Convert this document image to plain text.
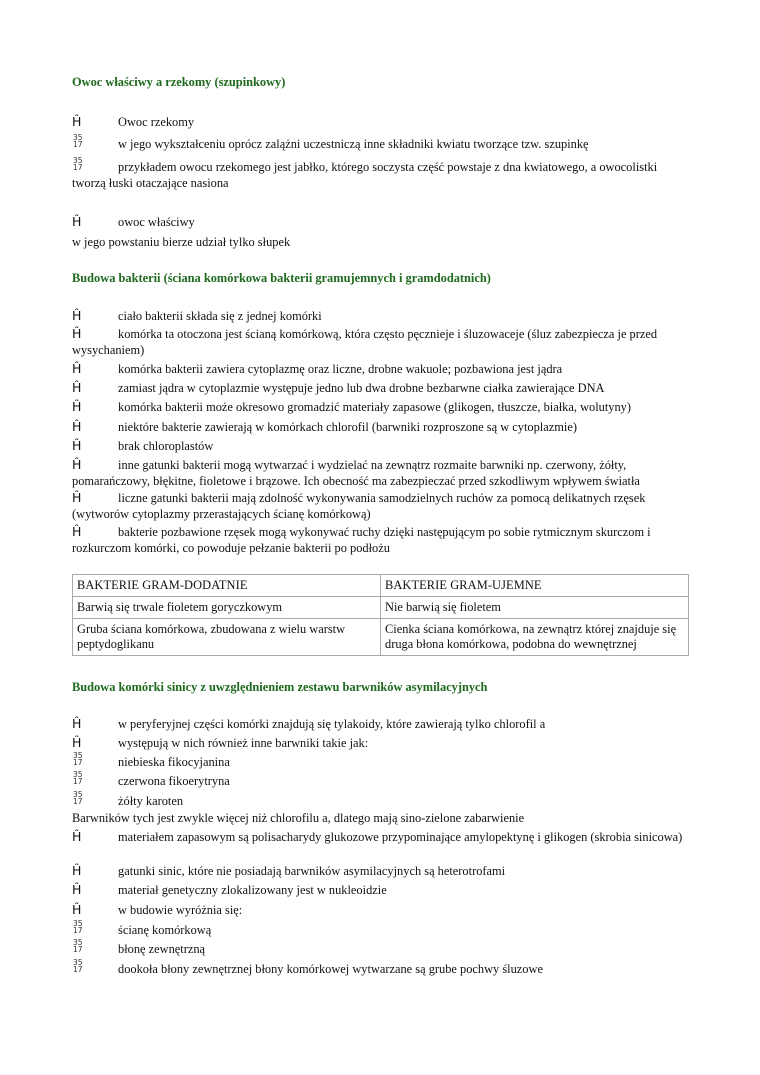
Owoc właściwy a rzekomy (szupinkowy)
Ĥ	Owoc rzekomy
35
17	w jego wykształceniu oprócz zalążni uczestniczą inne składniki kwiatu tworzące tzw. szupinkę
35
17	przykładem owocu rzekomego jest jabłko, którego soczysta część powstaje z dna kwiatowego, a owocolistki tworzą łuski otaczające nasiona
Ĥ	owoc właściwy
w jego powstaniu bierze udział tylko słupek
Budowa bakterii (ściana komórkowa bakterii gramujemnych i gramdodatnich)
Ĥ	ciało bakterii składa się z jednej komórki
Ĥ	komórka ta otoczona jest ścianą komórkową, która często pęcznieje i śluzowaceje (śluz zabezpiecza je przed wysychaniem)
Ĥ	komórka bakterii zawiera cytoplazmę oraz liczne, drobne wakuole; pozbawiona jest jądra
Ĥ	zamiast jądra w cytoplazmie występuje jedno lub dwa drobne bezbarwne ciałka zawierające DNA
Ĥ	komórka bakterii może okresowo gromadzić materiały zapasowe (glikogen, tłuszcze, białka, wolutyny)
Ĥ	niektóre bakterie zawierają w komórkach chlorofil (barwniki rozproszone są w cytoplazmie)
Ĥ	brak chloroplastów
Ĥ	inne gatunki bakterii mogą wytwarzać i wydzielać na zewnątrz rozmaite barwniki np. czerwony, żółty, pomarańczowy, błękitne, fioletowe i brązowe. Ich obecność ma zabezpieczać przed szkodliwym wpływem światła
Ĥ	liczne gatunki bakterii mają zdolność wykonywania samodzielnych ruchów za pomocą delikatnych rzęsek (wytworów cytoplazmy przerastających ścianę komórkową)
Ĥ	bakterie pozbawione rzęsek mogą wykonywać ruchy dzięki następującym po sobie rytmicznym skurczom i rozkurczom komórki, co powoduje pełzanie bakterii po podłożu
BAKTERIE GRAM-DODATNIE	BAKTERIE GRAM-UJEMNE
Barwią się trwale fioletem goryczkowym	Nie barwią się fioletem
Gruba ściana komórkowa, zbudowana z wielu warstw peptydoglikanu	Cienka ściana komórkowa, na zewnątrz której znajduje się druga błona komórkowa, podobna do wewnętrznej
Budowa komórki sinicy z uwzględnieniem zestawu barwników asymilacyjnych
Ĥ	w peryferyjnej części komórki znajdują się tylakoidy, które zawierają tylko chlorofil a
Ĥ	występują w nich również inne barwniki takie jak:
35
17	niebieska fikocyjanina
35
17	czerwona fikoerytryna
35
17	żółty karoten
Barwników tych jest zwykle więcej niż chlorofilu a, dlatego mają sino-zielone zabarwienie
Ĥ	materiałem zapasowym są polisacharydy glukozowe przypominające amylopektynę i glikogen (skrobia sinicowa)
Ĥ	gatunki sinic, które nie posiadają barwników asymilacyjnych są heterotrofami
Ĥ	materiał genetyczny zlokalizowany jest w nukleoidzie
Ĥ	w budowie wyróżnia się:
35
17	ścianę komórkową
35
17	błonę zewnętrzną
35
17	dookoła błony zewnętrznej błony komórkowej wytwarzane są grube pochwy śluzowe
